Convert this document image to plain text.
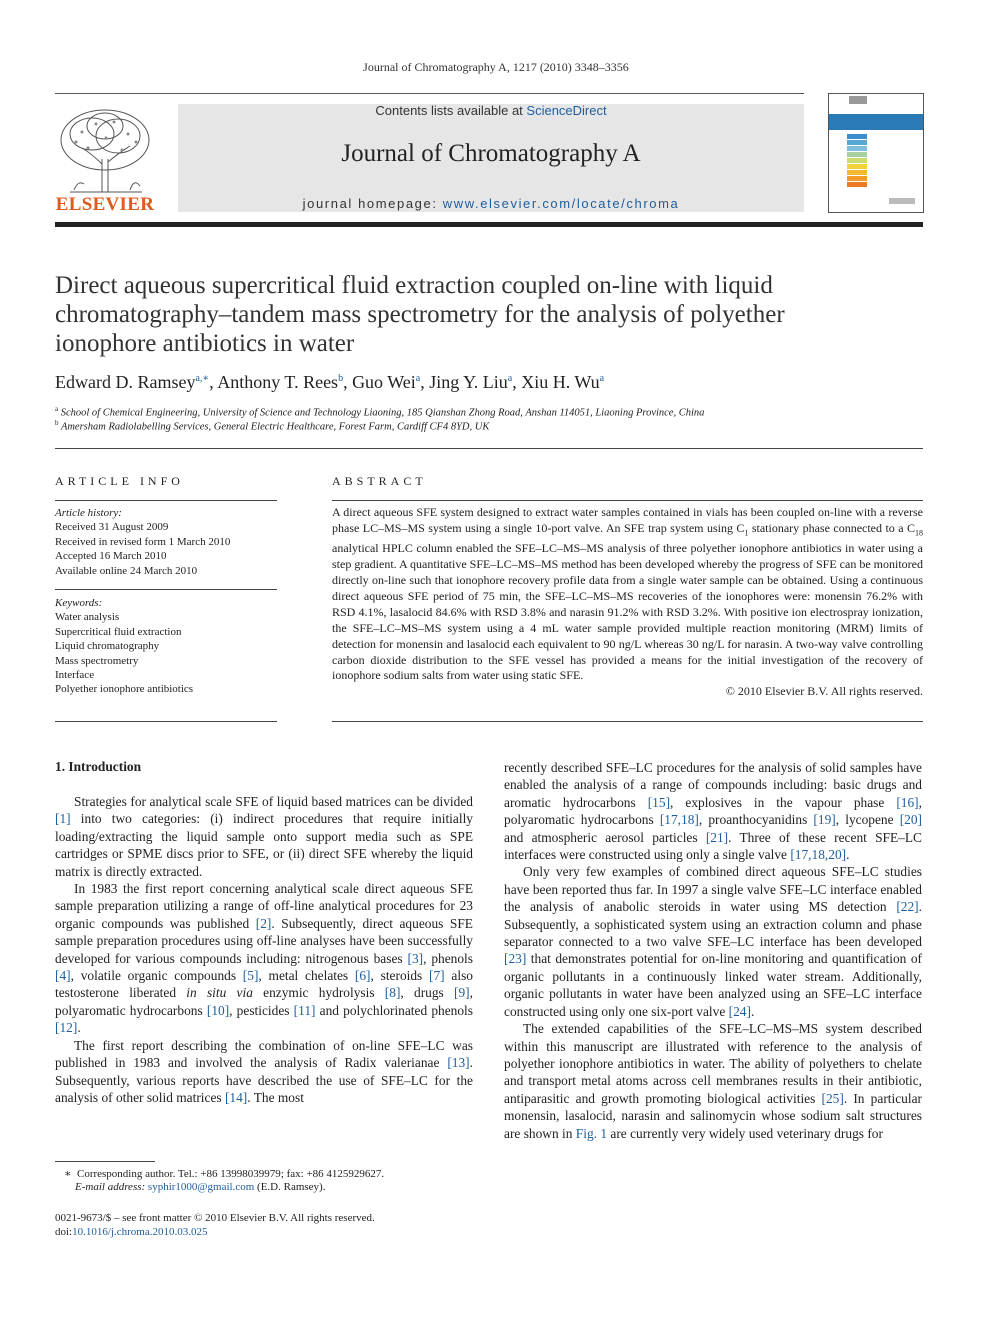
Journal of Chromatography A, 1217 (2010) 3348–3356
ELSEVIER
Contents lists available at ScienceDirect
Journal of Chromatography A
journal homepage: www.elsevier.com/locate/chroma
Direct aqueous supercritical fluid extraction coupled on-line with liquid
chromatography–tandem mass spectrometry for the analysis of polyether
ionophore antibiotics in water
Edward D. Ramsey$^{a,∗}$, Anthony T. Rees$^b$, Guo Wei$^a$, Jing Y. Liu$^a$, Xiu H. Wu$^a$
$^a$ School of Chemical Engineering, University of Science and Technology Liaoning, 185 Qianshan Zhong Road, Anshan 114051, Liaoning Province, China
$^b$ Amersham Radiolabelling Services, General Electric Healthcare, Forest Farm, Cardiff CF4 8YD, UK
ARTICLE INFO
Article history:
Received 31 August 2009
Received in revised form 1 March 2010
Accepted 16 March 2010
Available online 24 March 2010
Keywords:
Water analysis
Supercritical fluid extraction
Liquid chromatography
Mass spectrometry
Interface
Polyether ionophore antibiotics
ABSTRACT
A direct aqueous SFE system designed to extract water samples contained in vials has been coupled on-line with a reverse phase LC–MS–MS system using a single 10-port valve. An SFE trap system using $C_1$ stationary phase connected to a $C_{18}$ analytical HPLC column enabled the SFE–LC–MS–MS analysis of three polyether ionophore antibiotics in water using a step gradient. A quantitative SFE–LC–MS–MS method has been developed whereby the progress of SFE can be monitored directly on-line such that ionophore recovery profile data from a single water sample can be obtained. Using a continuous direct aqueous SFE period of 75 min, the SFE–LC–MS–MS recoveries of the ionophores were: monensin 76.2% with RSD 4.1%, lasalocid 84.6% with RSD 3.8% and narasin 91.2% with RSD 3.2%. With positive ion electrospray ionization, the SFE–LC–MS–MS system using a 4 mL water sample provided multiple reaction monitoring (MRM) limits of detection for monensin and lasalocid each equivalent to 90 ng/L whereas 30 ng/L for narasin. A two-way valve controlling carbon dioxide distribution to the SFE vessel has provided a means for the initial investigation of the recovery of ionophore sodium salts from water using static SFE.
© 2010 Elsevier B.V. All rights reserved.
1. Introduction

Strategies for analytical scale SFE of liquid based matrices can be divided [1] into two categories: (i) indirect procedures that require initially loading/extracting the liquid sample onto support media such as SPE cartridges or SPME discs prior to SFE, or (ii) direct SFE whereby the liquid matrix is directly extracted.

In 1983 the first report concerning analytical scale direct aqueous SFE sample preparation utilizing a range of off-line analytical procedures for 23 organic compounds was published [2]. Subsequently, direct aqueous SFE sample preparation procedures using off-line analyses have been successfully developed for various compounds including: nitrogenous bases [3], phenols [4], volatile organic compounds [5], metal chelates [6], steroids [7] also testosterone liberated in situ via enzymic hydrolysis [8], drugs [9], polyaromatic hydrocarbons [10], pesticides [11] and polychlorinated phenols [12].

The first report describing the combination of on-line SFE–LC was published in 1983 and involved the analysis of Radix valerianae [13]. Subsequently, various reports have described the use of SFE–LC for the analysis of other solid matrices [14]. The most

recently described SFE–LC procedures for the analysis of solid samples have enabled the analysis of a range of compounds including: basic drugs and aromatic hydrocarbons [15], explosives in the vapour phase [16], polyaromatic hydrocarbons [17,18], proanthocyanidins [19], lycopene [20] and atmospheric aerosol particles [21]. Three of these recent SFE–LC interfaces were constructed using only a single valve [17,18,20].

Only very few examples of combined direct aqueous SFE–LC studies have been reported thus far. In 1997 a single valve SFE–LC interface enabled the analysis of anabolic steroids in water using MS detection [22]. Subsequently, a sophisticated system using an extraction column and phase separator connected to a two valve SFE–LC interface has been developed [23] that demonstrates potential for on-line monitoring and quantification of organic pollutants in a continuously linked water stream. Additionally, organic pollutants in water have been analyzed using an SFE–LC interface constructed using only one six-port valve [24].

The extended capabilities of the SFE–LC–MS–MS system described within this manuscript are illustrated with reference to the analysis of polyether ionophore antibiotics in water. The ability of polyethers to chelate and transport metal atoms across cell membranes results in their antibiotic, antiparasitic and growth promoting biological activities [25]. In particular monensin, lasalocid, narasin and salinomycin whose sodium salt structures are shown in Fig. 1 are currently very widely used veterinary drugs for

∗ Corresponding author. Tel.: +86 13998039979; fax: +86 4125929627.
E-mail address: syphir1000@gmail.com (E.D. Ramsey).
0021-9673/$ – see front matter © 2010 Elsevier B.V. All rights reserved.
doi:10.1016/j.chroma.2010.03.025
